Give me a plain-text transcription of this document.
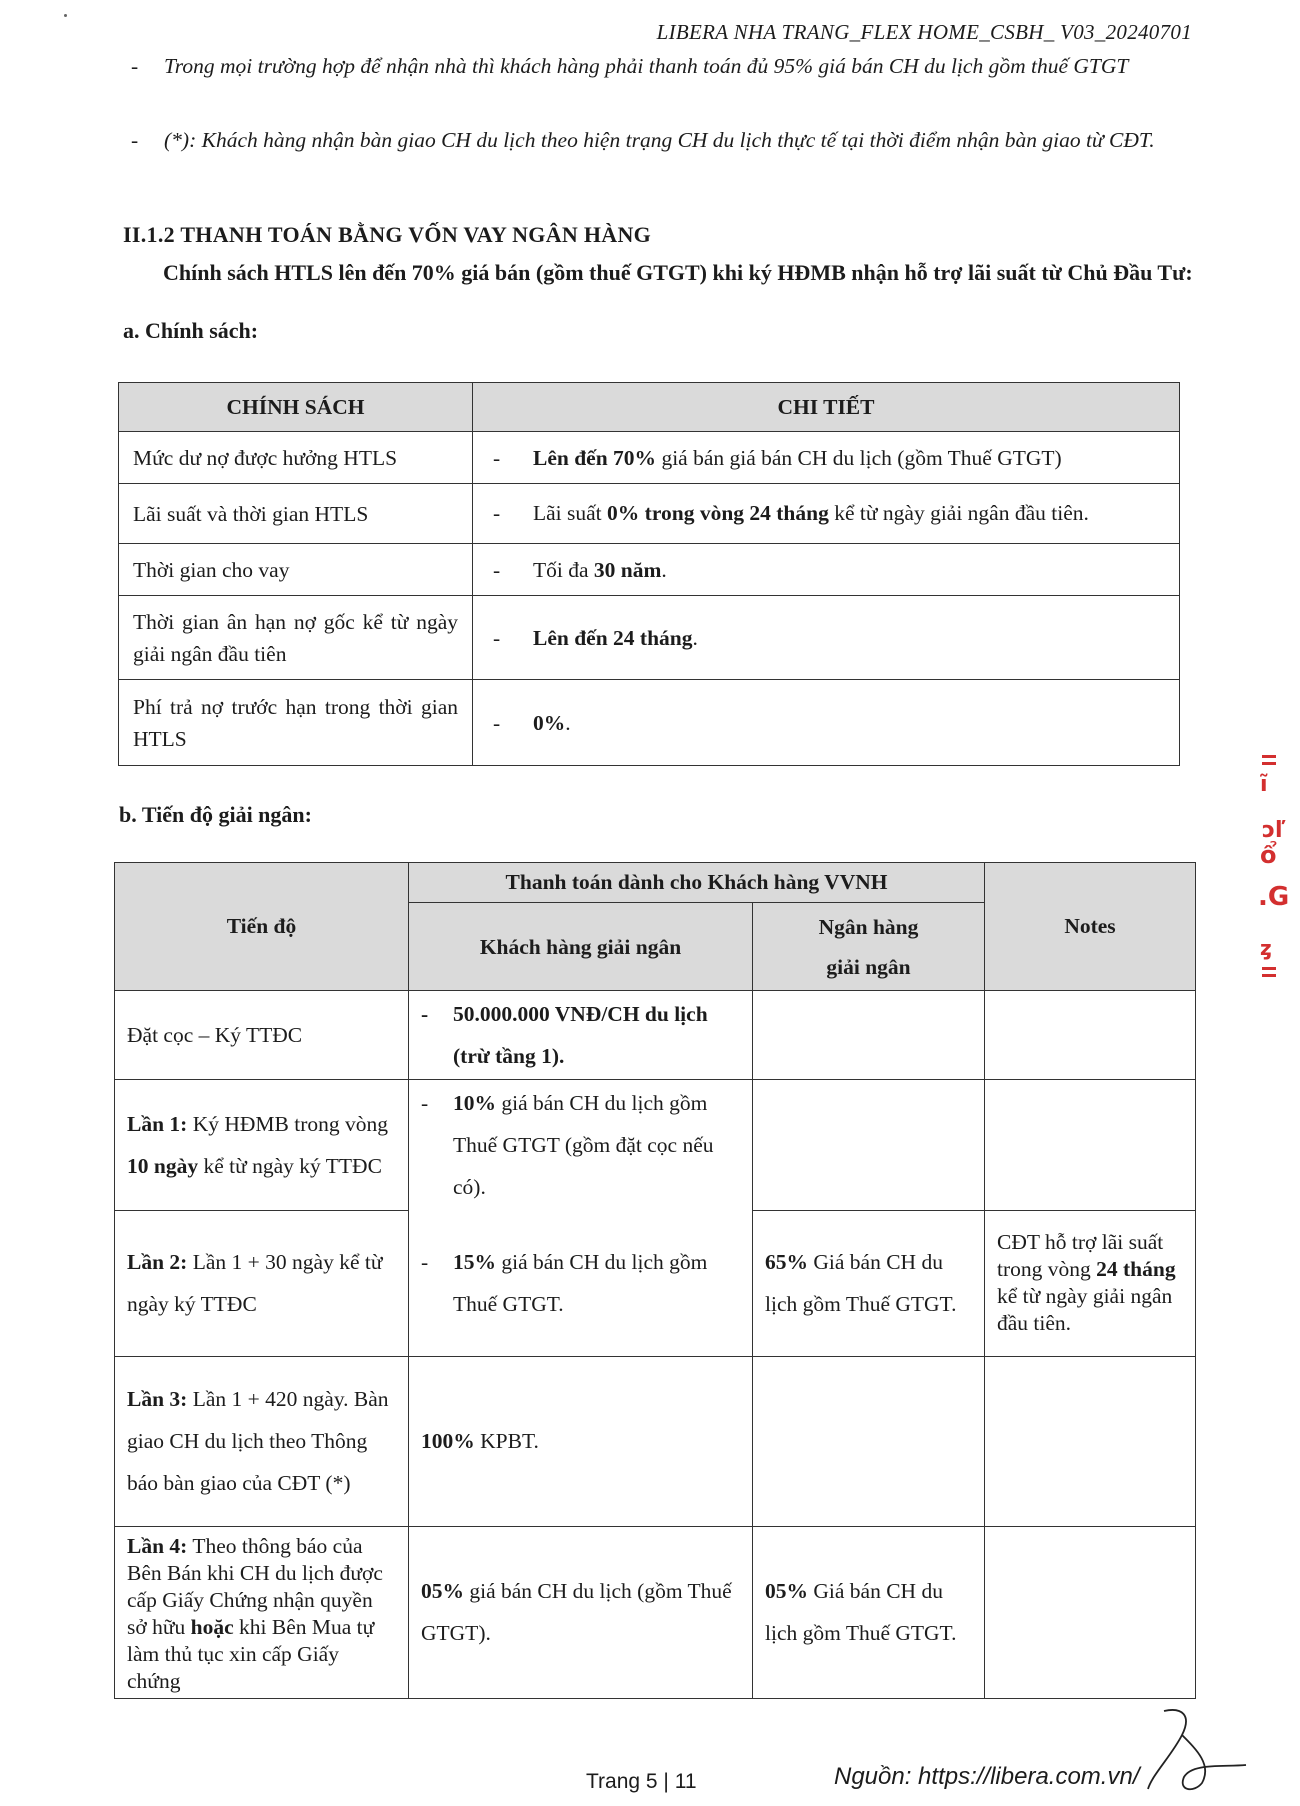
LIBERA NHA TRANG_FLEX HOME_CSBH_ V03_20240701
- Trong mọi trường hợp để nhận nhà thì khách hàng phải thanh toán đủ 95% giá bán CH du lịch gồm thuế GTGT
- (*): Khách hàng nhận bàn giao CH du lịch theo hiện trạng CH du lịch thực tế tại thời điểm nhận bàn giao từ CĐT.
II.1.2 THANH TOÁN BẰNG VỐN VAY NGÂN HÀNG
Chính sách HTLS lên đến 70% giá bán (gồm thuế GTGT) khi ký HĐMB nhận hỗ trợ lãi suất từ Chủ Đầu Tư:
a. Chính sách:
CHÍNH SÁCH	CHI TIẾT
Mức dư nợ được hưởng HTLS	- Lên đến 70% giá bán giá bán CH du lịch (gồm Thuế GTGT)
Lãi suất và thời gian HTLS	- Lãi suất 0% trong vòng 24 tháng kể từ ngày giải ngân đầu tiên.
Thời gian cho vay	- Tối đa 30 năm.
Thời gian ân hạn nợ gốc kể từ ngày giải ngân đầu tiên	- Lên đến 24 tháng.
Phí trả nợ trước hạn trong thời gian HTLS	- 0%.
b. Tiến độ giải ngân:
Tiến độ	Thanh toán dành cho Khách hàng VVNH		Notes
	Khách hàng giải ngân	Ngân hàng giải ngân	
Đặt cọc – Ký TTĐC	- 50.000.000 VNĐ/CH du lịch (trừ tầng 1).		
Lần 1: Ký HĐMB trong vòng 10 ngày kể từ ngày ký TTĐC	- 10% giá bán CH du lịch gồm Thuế GTGT (gồm đặt cọc nếu có).		
Lần 2: Lần 1 + 30 ngày kể từ ngày ký TTĐC	- 15% giá bán CH du lịch gồm Thuế GTGT.	65% Giá bán CH du lịch gồm Thuế GTGT.	CĐT hỗ trợ lãi suất trong vòng 24 tháng kể từ ngày giải ngân đầu tiên.
Lần 3: Lần 1 + 420 ngày. Bàn giao CH du lịch theo Thông báo bàn giao của CĐT (*)	100% KPBT.		
Lần 4: Theo thông báo của Bên Bán khi CH du lịch được cấp Giấy Chứng nhận quyền sở hữu hoặc khi Bên Mua tự làm thủ tục xin cấp Giấy chứng	05% giá bán CH du lịch (gồm Thuế GTGT).	05% Giá bán CH du lịch gồm Thuế GTGT.	
Trang 5 | 11	Nguồn: https://libera.com.vn/
ĩ
ɔľ
ổ
.G
ȥ
